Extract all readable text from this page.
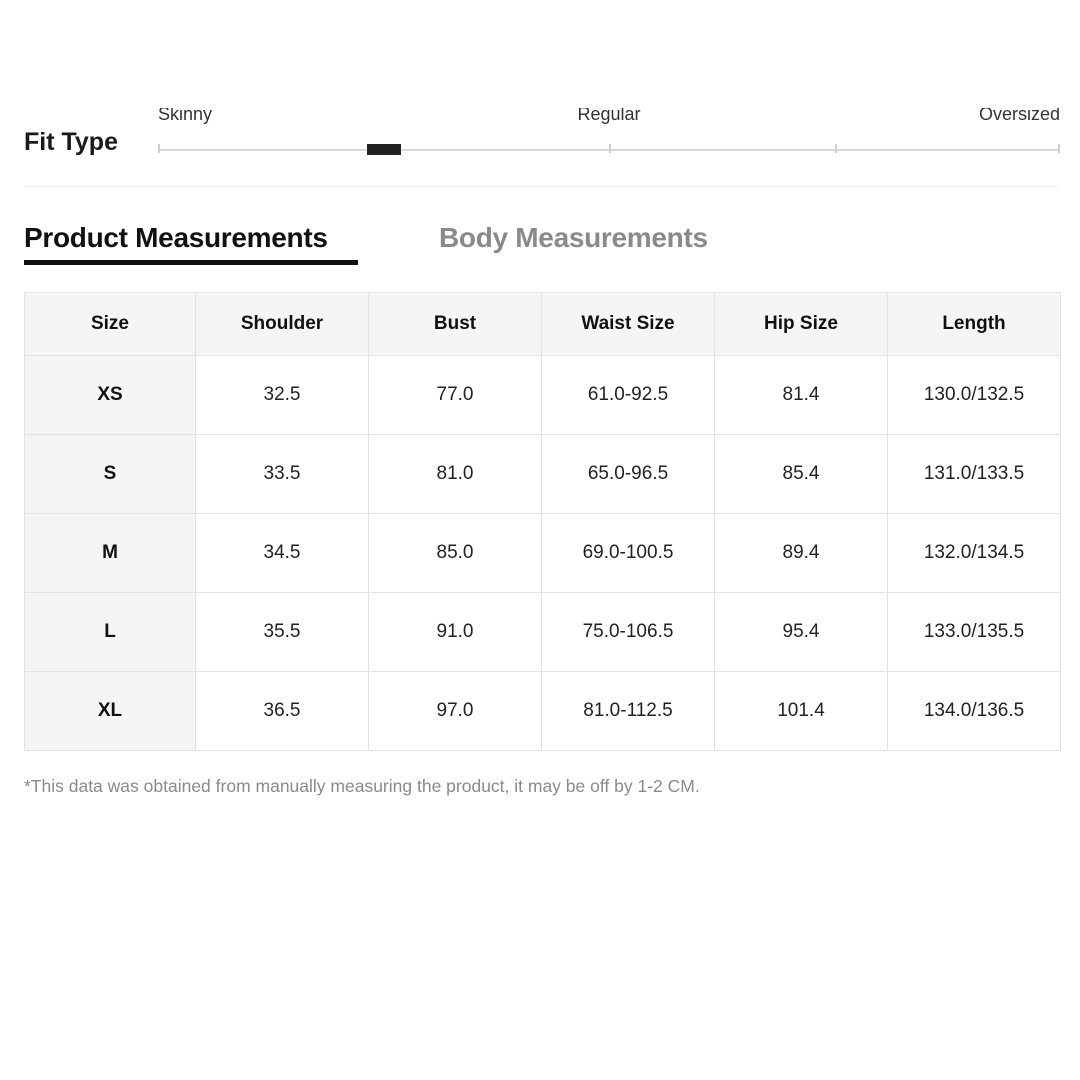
Fit Type
Skinny	Regular	Oversized
Product Measurements	Body Measurements
Size	Shoulder	Bust	Waist Size	Hip Size	Length
XS	32.5	77.0	61.0-92.5	81.4	130.0/132.5
S	33.5	81.0	65.0-96.5	85.4	131.0/133.5
M	34.5	85.0	69.0-100.5	89.4	132.0/134.5
L	35.5	91.0	75.0-106.5	95.4	133.0/135.5
XL	36.5	97.0	81.0-112.5	101.4	134.0/136.5
*This data was obtained from manually measuring the product, it may be off by 1-2 CM.
